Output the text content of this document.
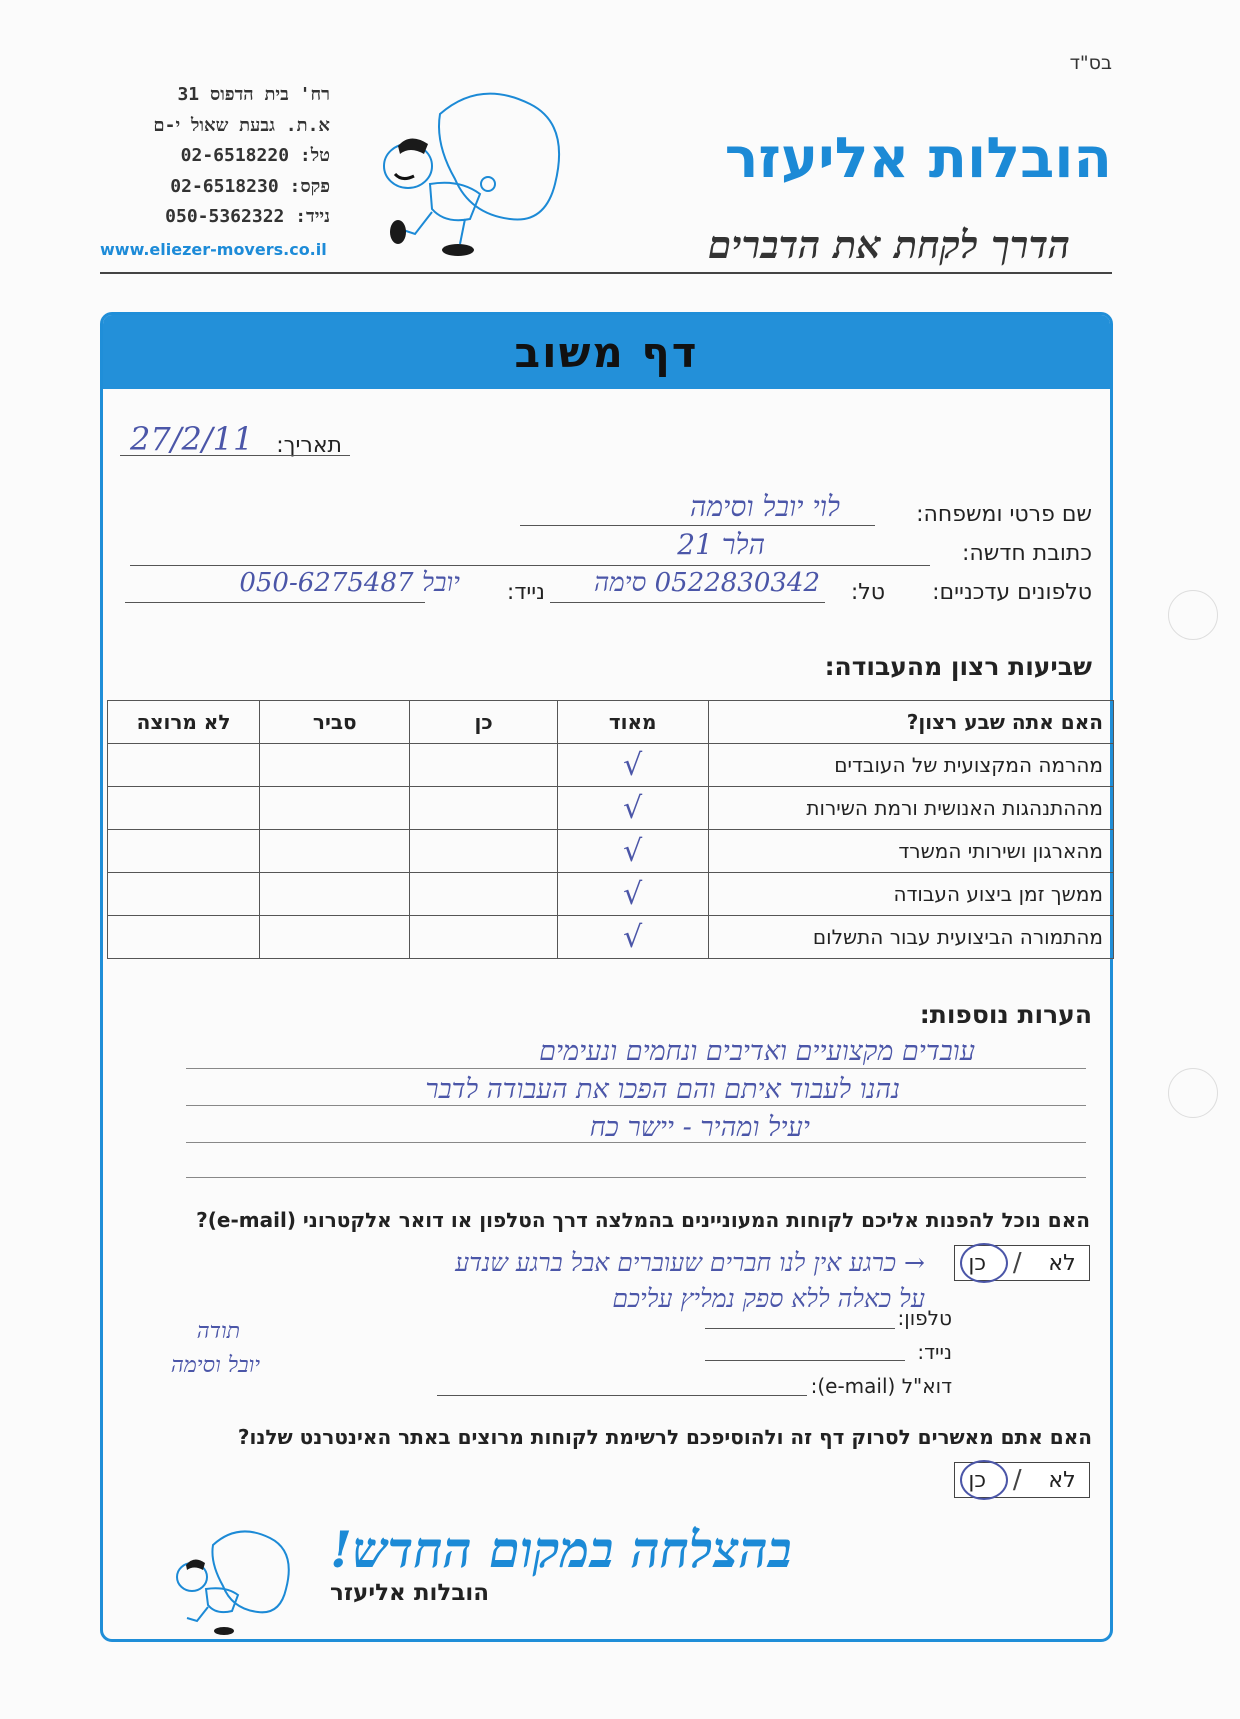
בס"ד
רח' בית הדפוס 31
א.ת. גבעת שאול י-ם
טל: 02-6518220
פקס: 02-6518230
נייד: 050-5362322
www.eliezer-movers.co.il
הובלות אליעזר
הדרך לקחת את הדברים
דף משוב
תאריך:
27/2/11
שם פרטי ומשפחה:
לוי יובל וסימה
כתובת חדשה:
הלר 21
טלפונים עדכניים:
טל:
0522830342 סימה
נייד:
יובל 050-6275487
שביעות רצון מהעבודה:
האם אתה שבע רצון?	מאוד	כן	סביר	לא מרוצה
מהרמה המקצועית של העובדים	√			
מההתנהגות האנושית ורמת השירות	√			
מהארגון ושירותי המשרד	√			
ממשך זמן ביצוע העבודה	√			
מהתמורה הביצועית עבור התשלום	√			
הערות נוספות:
עובדים מקצועיים ואדיבים ונחמים ונעימים
נהנו לעבוד איתם והם הפכו את העבודה לדבר
יעיל ומהיר - יישר כח
האם נוכל להפנות אליכם לקוחות המעוניינים בהמלצה דרך הטלפון או דואר אלקטרוני (e-mail)?
לא
/
כן
→ כרגע אין לנו חברים שעוברים אבל ברגע שנדע
על כאלה ללא ספק נמליץ עליכם
תודה
יובל וסימה
טלפון:
נייד:
דוא"ל (e-mail):
האם אתם מאשרים לסרוק דף זה ולהוסיפכם לרשימת לקוחות מרוצים באתר האינטרנט שלנו?
לא
/
כן
בהצלחה במקום החדש!
הובלות אליעזר
